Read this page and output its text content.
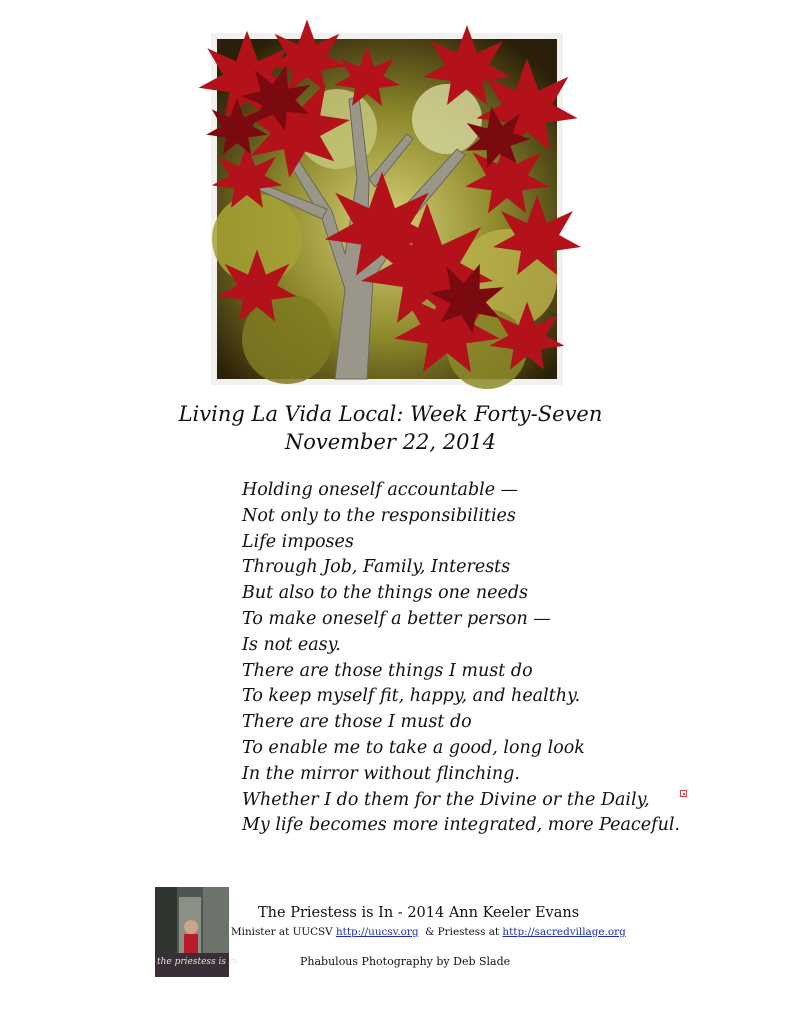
Living La Vida Local: Week Forty-Seven
November 22, 2014
Holding oneself accountable —
Not only to the responsibilities
Life imposes
Through Job, Family, Interests
But also to the things one needs
To make oneself a better person —
Is not easy.
There are those things I must do
To keep myself fit, happy, and healthy.
There are those I must do
To enable me to take a good, long look
In the mirror without flinching.
Whether I do them for the Divine or the Daily,
My life becomes more integrated, more Peaceful.
the priestess is in
The Priestess is In - 2014 Ann Keeler Evans
Minister at UUCSV http://uucsv.org  & Priestess at http://sacredvillage.org
Phabulous Photography by Deb Slade
